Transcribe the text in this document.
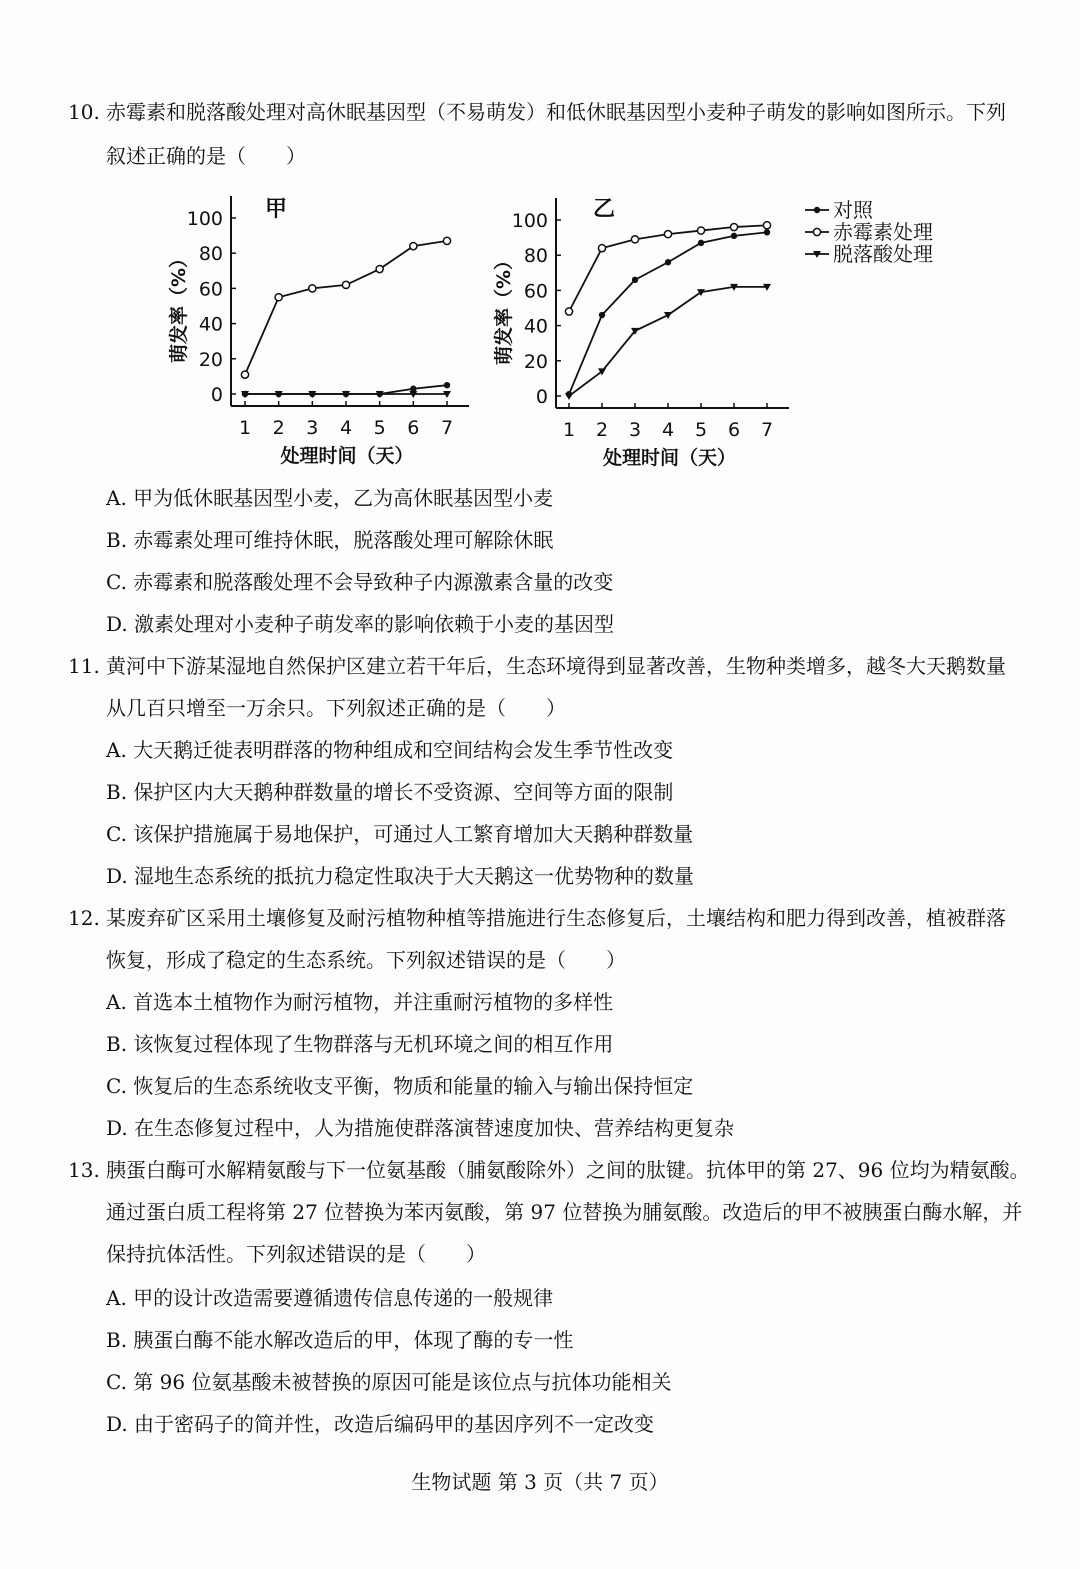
10. 赤霉素和脱落酸处理对高休眠基因型（不易萌发）和低休眠基因型小麦种子萌发的影响如图所示。下列
叙述正确的是（　　）
甲
0
20
40
60
80
100
1 2 3 4 5 6 7
处理时间（天）
萌发率（%）
乙
0
20
40
60
80
100
1 2 3 4 5 6 7
处理时间（天）
萌发率（%）
对照
赤霉素处理
脱落酸处理
A. 甲为低休眠基因型小麦，乙为高休眠基因型小麦
B. 赤霉素处理可维持休眠，脱落酸处理可解除休眠
C. 赤霉素和脱落酸处理不会导致种子内源激素含量的改变
D. 激素处理对小麦种子萌发率的影响依赖于小麦的基因型
11. 黄河中下游某湿地自然保护区建立若干年后，生态环境得到显著改善，生物种类增多，越冬大天鹅数量
从几百只增至一万余只。下列叙述正确的是（　　）
A. 大天鹅迁徙表明群落的物种组成和空间结构会发生季节性改变
B. 保护区内大天鹅种群数量的增长不受资源、空间等方面的限制
C. 该保护措施属于易地保护，可通过人工繁育增加大天鹅种群数量
D. 湿地生态系统的抵抗力稳定性取决于大天鹅这一优势物种的数量
12. 某废弃矿区采用土壤修复及耐污植物种植等措施进行生态修复后，土壤结构和肥力得到改善，植被群落
恢复，形成了稳定的生态系统。下列叙述错误的是（　　）
A. 首选本土植物作为耐污植物，并注重耐污植物的多样性
B. 该恢复过程体现了生物群落与无机环境之间的相互作用
C. 恢复后的生态系统收支平衡，物质和能量的输入与输出保持恒定
D. 在生态修复过程中，人为措施使群落演替速度加快、营养结构更复杂
13. 胰蛋白酶可水解精氨酸与下一位氨基酸（脯氨酸除外）之间的肽键。抗体甲的第 27、96 位均为精氨酸。
通过蛋白质工程将第 27 位替换为苯丙氨酸，第 97 位替换为脯氨酸。改造后的甲不被胰蛋白酶水解，并
保持抗体活性。下列叙述错误的是（　　）
A. 甲的设计改造需要遵循遗传信息传递的一般规律
B. 胰蛋白酶不能水解改造后的甲，体现了酶的专一性
C. 第 96 位氨基酸未被替换的原因可能是该位点与抗体功能相关
D. 由于密码子的简并性，改造后编码甲的基因序列不一定改变
生物试题 第 3 页（共 7 页）
